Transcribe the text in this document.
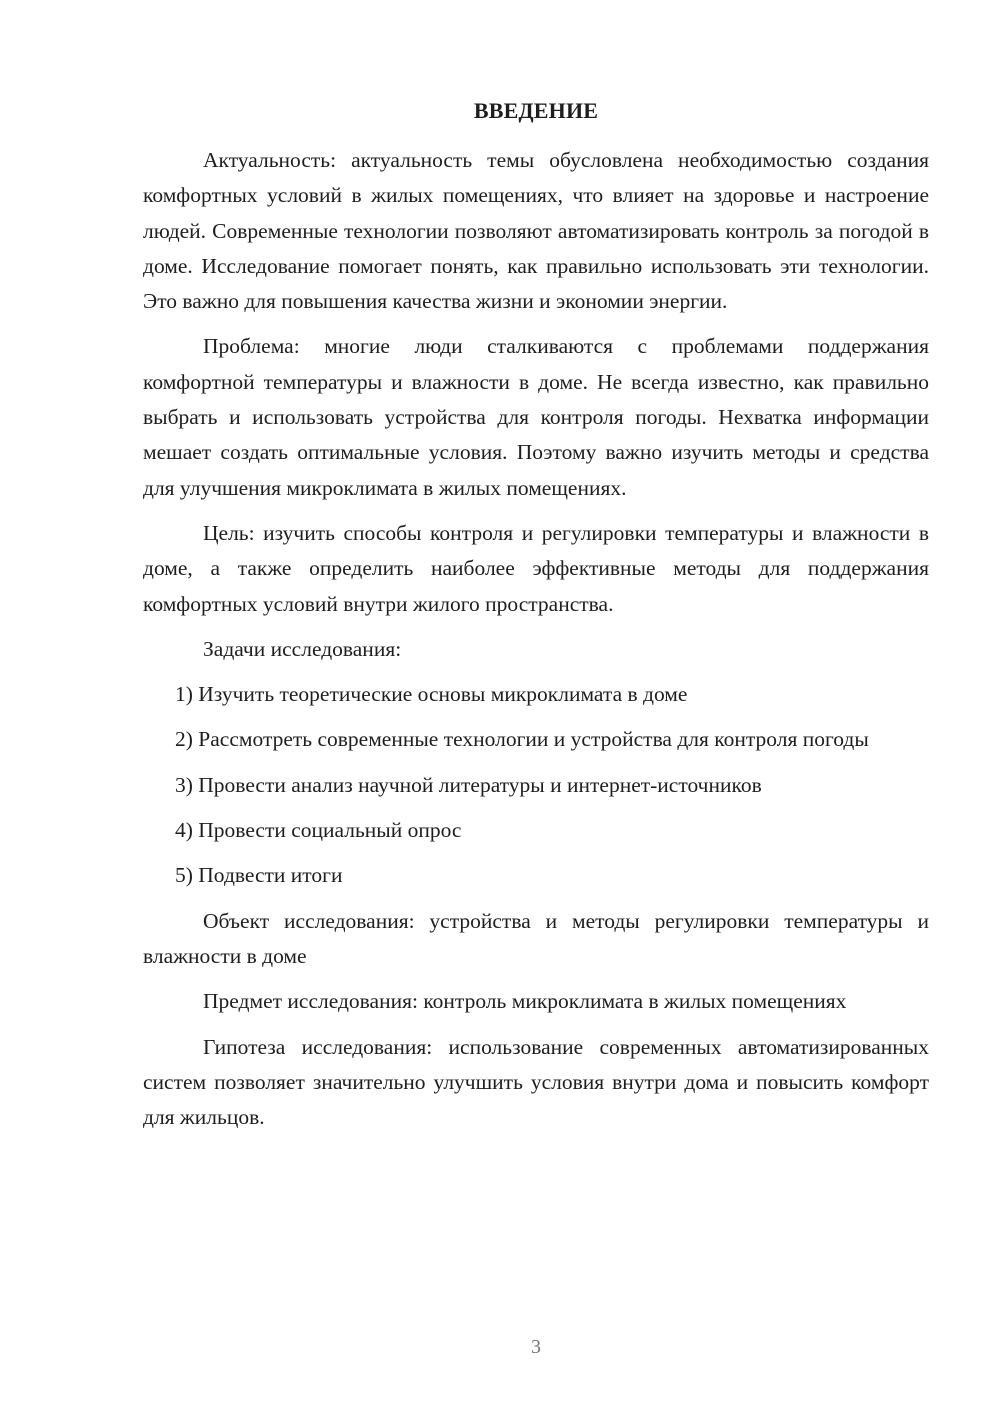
ВВЕДЕНИЕ

Актуальность: актуальность темы обусловлена необходимостью создания комфортных условий в жилых помещениях, что влияет на здоровье и настроение людей. Современные технологии позволяют автоматизировать контроль за погодой в доме. Исследование помогает понять, как правильно использовать эти технологии. Это важно для повышения качества жизни и экономии энергии.

Проблема: многие люди сталкиваются с проблемами поддержания комфортной температуры и влажности в доме. Не всегда известно, как правильно выбрать и использовать устройства для контроля погоды. Нехватка информации мешает создать оптимальные условия. Поэтому важно изучить методы и средства для улучшения микроклимата в жилых помещениях.

Цель: изучить способы контроля и регулировки температуры и влажности в доме, а также определить наиболее эффективные методы для поддержания комфортных условий внутри жилого пространства.

Задачи исследования:

1) Изучить теоретические основы микроклимата в доме

2) Рассмотреть современные технологии и устройства для контроля погоды

3) Провести анализ научной литературы и интернет-источников

4) Провести социальный опрос

5) Подвести итоги

Объект исследования: устройства и методы регулировки температуры и влажности в доме

Предмет исследования: контроль микроклимата в жилых помещениях

Гипотеза исследования: использование современных автоматизированных систем позволяет значительно улучшить условия внутри дома и повысить комфорт для жильцов.

3
